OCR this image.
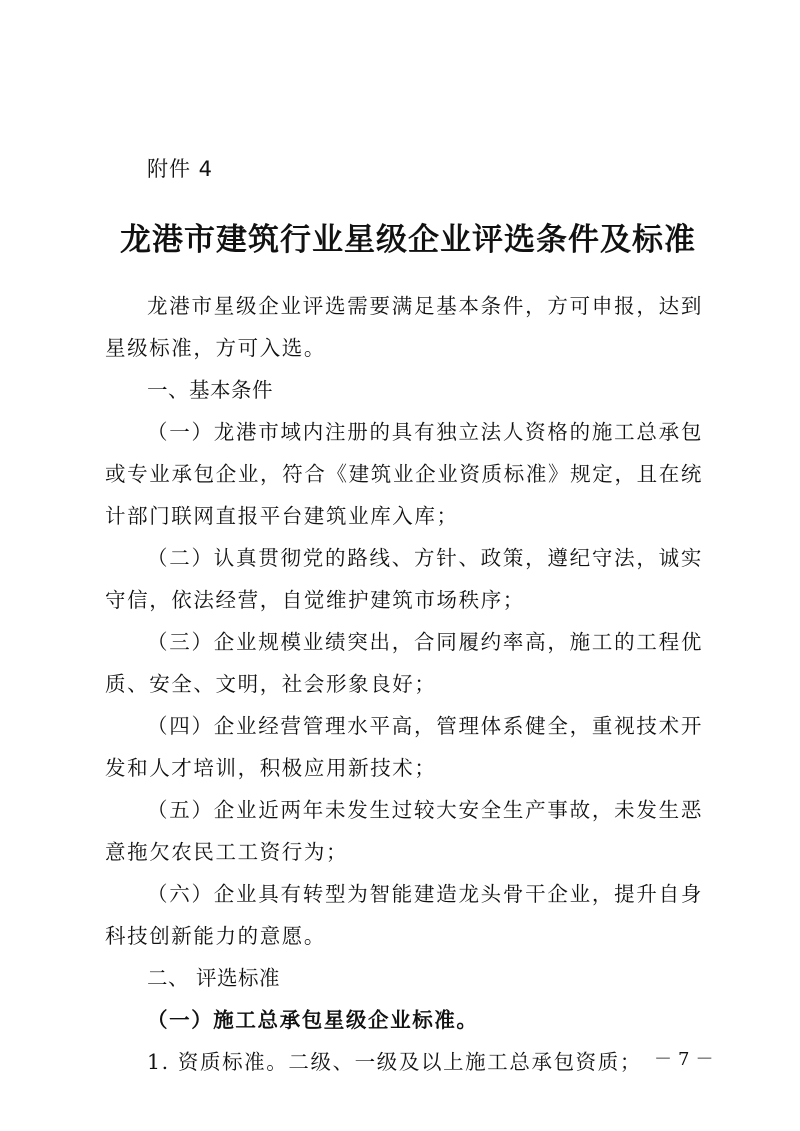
附件 4
龙港市建筑行业星级企业评选条件及标准

龙港市星级企业评选需要满足基本条件，方可申报，达到星级标准，方可入选。

一、基本条件

（一）龙港市域内注册的具有独立法人资格的施工总承包或专业承包企业，符合《建筑业企业资质标准》规定，且在统计部门联网直报平台建筑业库入库；

（二）认真贯彻党的路线、方针、政策，遵纪守法，诚实守信，依法经营，自觉维护建筑市场秩序；

（三）企业规模业绩突出，合同履约率高，施工的工程优质、安全、文明，社会形象良好；

（四）企业经营管理水平高，管理体系健全，重视技术开发和人才培训，积极应用新技术；

（五）企业近两年未发生过较大安全生产事故，未发生恶意拖欠农民工工资行为；

（六）企业具有转型为智能建造龙头骨干企业，提升自身科技创新能力的意愿。

二、 评选标准

（一）施工总承包星级企业标准。

1. 资质标准。二级、一级及以上施工总承包资质； －7－
